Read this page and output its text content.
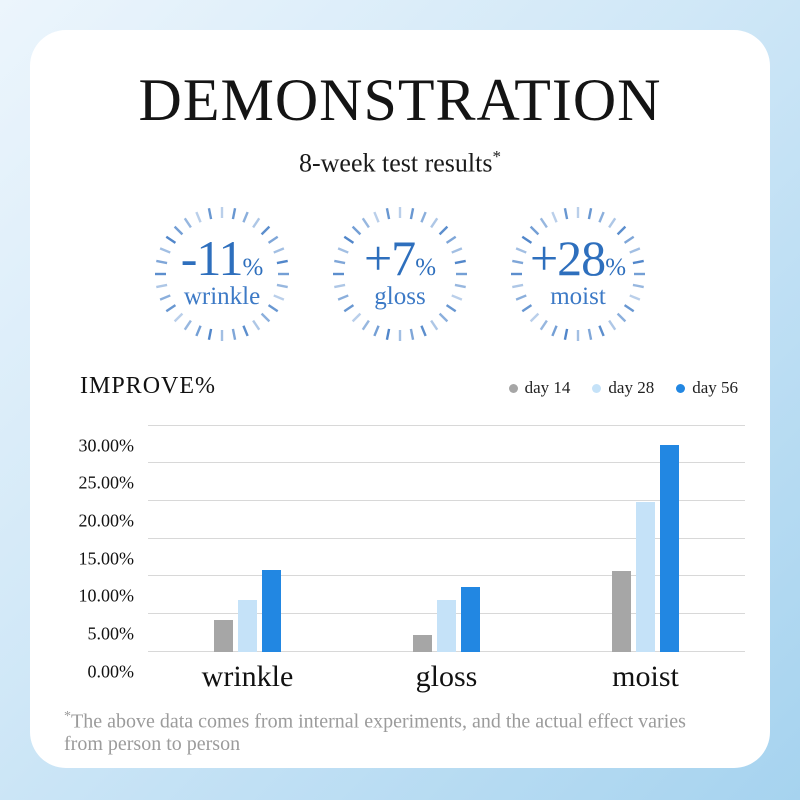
DEMONSTRATION
8-week test results*
-11%
wrinkle
+7%
gloss
+28%
moist
IMPROVE%	day 14 day 28 day 56
30.00%
25.00%
20.00%
15.00%
10.00%
5.00%
0.00%	wrinkle	gloss	moist
*The above data comes from internal experiments, and the actual effect varies from person to person
